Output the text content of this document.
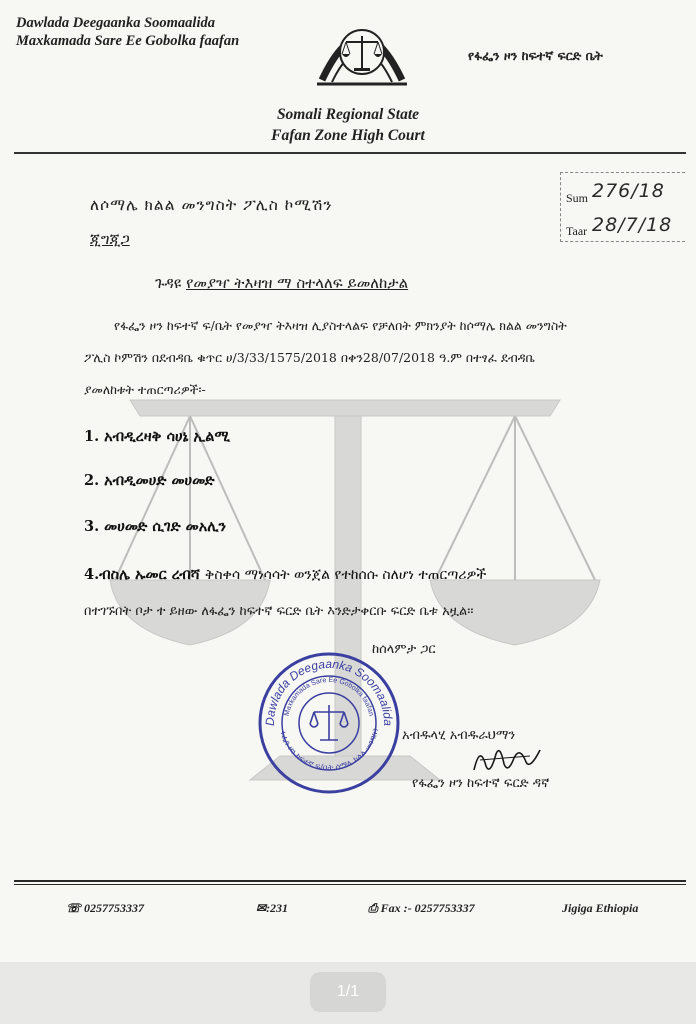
Dawlada Deegaanka Soomaalida
Maxkamada Sare Ee Gobolka faafan
የፋፌን ዞን ከፍተኛ ፍርድ ቤት
Somali Regional State
Fafan Zone High Court
ለሶማሌ ክልል መንግስት ፖሊስ ኮሚሽን
ጂግጂጋ
Sum 276/18
Taar 28/7/18
ጉዳዩ የመያዣ ትእዛዝ ማ ስተላለፍ ይመለከታል
የፋፌን ዞን ከፍተኛ ፍ/ቤት የመያዣ ትእዛዝ ሊያስተላልፍ የቻለበት ምክንያት ከሶማሌ ክልል መንግስት
ፖሊስ ኮምሽን በደብዳቤ ቁጥር ሀ/3/33/1575/2018 በቀን28/07/2018 ዓ.ም በተፃፈ ደብዳቤ
ያመለከቱት ተጠርጣሪዎች፡-
1. አብዲረዛቅ ሳሀኔ ኢልሚ
2. አብዲመሀድ መሀመድ
3. መሀመድ ሲገድ መአሊን
4.ብስሌ ኡመር ረብሻ ቅስቀሳ ማነሳሳት ወንጀል የተከሰሱ ስለሆነ ተጠርጣሪዎች
በተገኙበት ቦታ ተ ይዘው ለፋፌን ከፍተኛ ፍርድ ቤት እንድታቀርቡ ፍርድ ቤቱ አዟል፡፡
ከሰላምታ ጋር
Dawlada Deegaanka Soomaalida
Maxkamada Sare Ee Gobolka faafan
ፋፌን ዞን ከፍተኛ ፍ/ቤት ሶማሌ ክልል መንግስት አብዱላሂ አብዱራህማን
የፋፌን ዞን ከፍተኛ ፍርድ ዳኛ
☏ 0257753337	✉:231	⎙ Fax :- 0257753337	Jigiga Ethiopia
1/1
